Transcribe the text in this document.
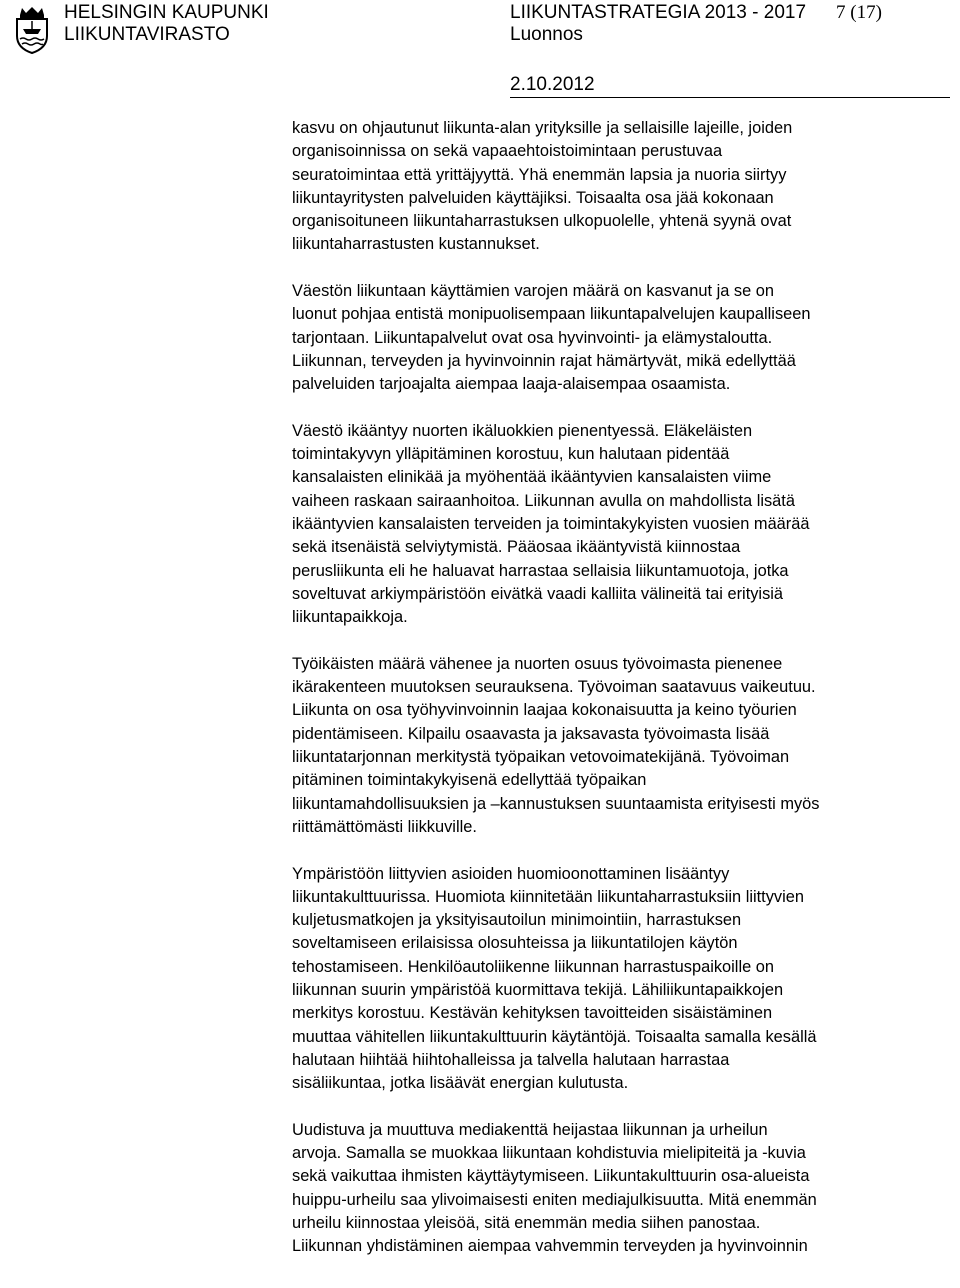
HELSINGIN KAUPUNKI
LIIKUNTAVIRASTO
LIIKUNTASTRATEGIA 2013 - 2017
Luonnos
7 (17)
2.10.2012

kasvu on ohjautunut liikunta-alan yrityksille ja sellaisille lajeille, joiden
organisoinnissa on sekä vapaaehtoistoimintaan perustuvaa
seuratoimintaa että yrittäjyyttä. Yhä enemmän lapsia ja nuoria siirtyy
liikuntayritysten palveluiden käyttäjiksi. Toisaalta osa jää kokonaan
organisoituneen liikuntaharrastuksen ulkopuolelle, yhtenä syynä ovat
liikuntaharrastusten kustannukset.

Väestön liikuntaan käyttämien varojen määrä on kasvanut ja se on
luonut pohjaa entistä monipuolisempaan liikuntapalvelujen kaupalliseen
tarjontaan. Liikuntapalvelut ovat osa hyvinvointi- ja elämystaloutta.
Liikunnan, terveyden ja hyvinvoinnin rajat hämärtyvät, mikä edellyttää
palveluiden tarjoajalta aiempaa laaja-alaisempaa osaamista.

Väestö ikääntyy nuorten ikäluokkien pienentyessä. Eläkeläisten
toimintakyvyn ylläpitäminen korostuu, kun halutaan pidentää
kansalaisten elinikää ja myöhentää ikääntyvien kansalaisten viime
vaiheen raskaan sairaanhoitoa. Liikunnan avulla on mahdollista lisätä
ikääntyvien kansalaisten terveiden ja toimintakykyisten vuosien määrää
sekä itsenäistä selviytymistä. Pääosaa ikääntyvistä kiinnostaa
perusliikunta eli he haluavat harrastaa sellaisia liikuntamuotoja, jotka
soveltuvat arkiympäristöön eivätkä vaadi kalliita välineitä tai erityisiä
liikuntapaikkoja.

Työikäisten määrä vähenee ja nuorten osuus työvoimasta pienenee
ikärakenteen muutoksen seurauksena. Työvoiman saatavuus vaikeutuu.
Liikunta on osa työhyvinvoinnin laajaa kokonaisuutta ja keino työurien
pidentämiseen. Kilpailu osaavasta ja jaksavasta työvoimasta lisää
liikuntatarjonnan merkitystä työpaikan vetovoimatekijänä. Työvoiman
pitäminen toimintakykyisenä edellyttää työpaikan
liikuntamahdollisuuksien ja –kannustuksen suuntaamista erityisesti myös
riittämättömästi liikkuville.

Ympäristöön liittyvien asioiden huomioonottaminen lisääntyy
liikuntakulttuurissa. Huomiota kiinnitetään liikuntaharrastuksiin liittyvien
kuljetusmatkojen ja yksityisautoilun minimointiin, harrastuksen
soveltamiseen erilaisissa olosuhteissa ja liikuntatilojen käytön
tehostamiseen. Henkilöautoliikenne liikunnan harrastuspaikoille on
liikunnan suurin ympäristöä kuormittava tekijä. Lähiliikuntapaikkojen
merkitys korostuu. Kestävän kehityksen tavoitteiden sisäistäminen
muuttaa vähitellen liikuntakulttuurin käytäntöjä. Toisaalta samalla kesällä
halutaan hiihtää hiihtohalleissa ja talvella halutaan harrastaa
sisäliikuntaa, jotka lisäävät energian kulutusta.

Uudistuva ja muuttuva mediakenttä heijastaa liikunnan ja urheilun
arvoja. Samalla se muokkaa liikuntaan kohdistuvia mielipiteitä ja -kuvia
sekä vaikuttaa ihmisten käyttäytymiseen. Liikuntakulttuurin osa-alueista
huippu-urheilu saa ylivoimaisesti eniten mediajulkisuutta. Mitä enemmän
urheilu kiinnostaa yleisöä, sitä enemmän media siihen panostaa.
Liikunnan yhdistäminen aiempaa vahvemmin terveyden ja hyvinvoinnin
